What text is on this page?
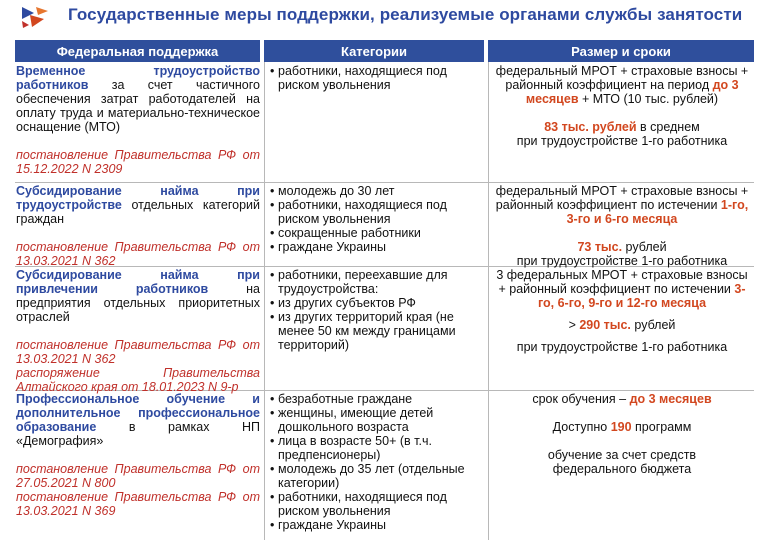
Государственные меры поддержки, реализуемые органами службы занятости
Федеральная поддержка	Категории	Размер и сроки
Временное трудоустройство работников за счет частичного обеспечения затрат работодателей на оплату труда и материально-техническое оснащение (МТО)
постановление Правительства РФ от 15.12.2022 N 2309
• работники, находящиеся под риском увольнения
федеральный МРОТ + страховые взносы + районный коэффициент на период до 3 месяцев + МТО (10 тыс. рублей)
83 тыс. рублей в среднем
при трудоустройстве 1-го работника
Субсидирование найма при трудоустройстве отдельных категорий граждан
постановление Правительства РФ от 13.03.2021 N 362
• молодежь до 30 лет
• работники, находящиеся под риском увольнения
• сокращенные работники
• граждане Украины
федеральный МРОТ + страховые взносы + районный коэффициент по истечении 1-го, 3-го и 6-го месяца
73 тыс. рублей
при трудоустройстве 1-го работника
Субсидирование найма при привлечении работников на предприятия отдельных приоритетных отраслей
постановление Правительства РФ от 13.03.2021 N 362
распоряжение Правительства Алтайского края от 18.01.2023 N 9-р
• работники, переехавшие для трудоустройства:
• из других субъектов РФ
• из других территорий края (не менее 50 км между границами территорий)
3 федеральных МРОТ + страховые взносы + районный коэффициент по истечении 3-го, 6-го, 9-го и 12-го месяца
> 290 тыс. рублей
при трудоустройстве 1-го работника
Профессиональное обучение и дополнительное профессиональное образование в рамках НП «Демография»
постановление Правительства РФ от 27.05.2021 N 800
постановление Правительства РФ от 13.03.2021 N 369
• безработные граждане
• женщины, имеющие детей дошкольного возраста
• лица в возрасте 50+ (в т.ч. предпенсионеры)
• молодежь до 35 лет (отдельные категории)
• работники, находящиеся под риском увольнения
• граждане Украины
срок обучения – до 3 месяцев
Доступно 190 программ
обучение за счет средств федерального бюджета
